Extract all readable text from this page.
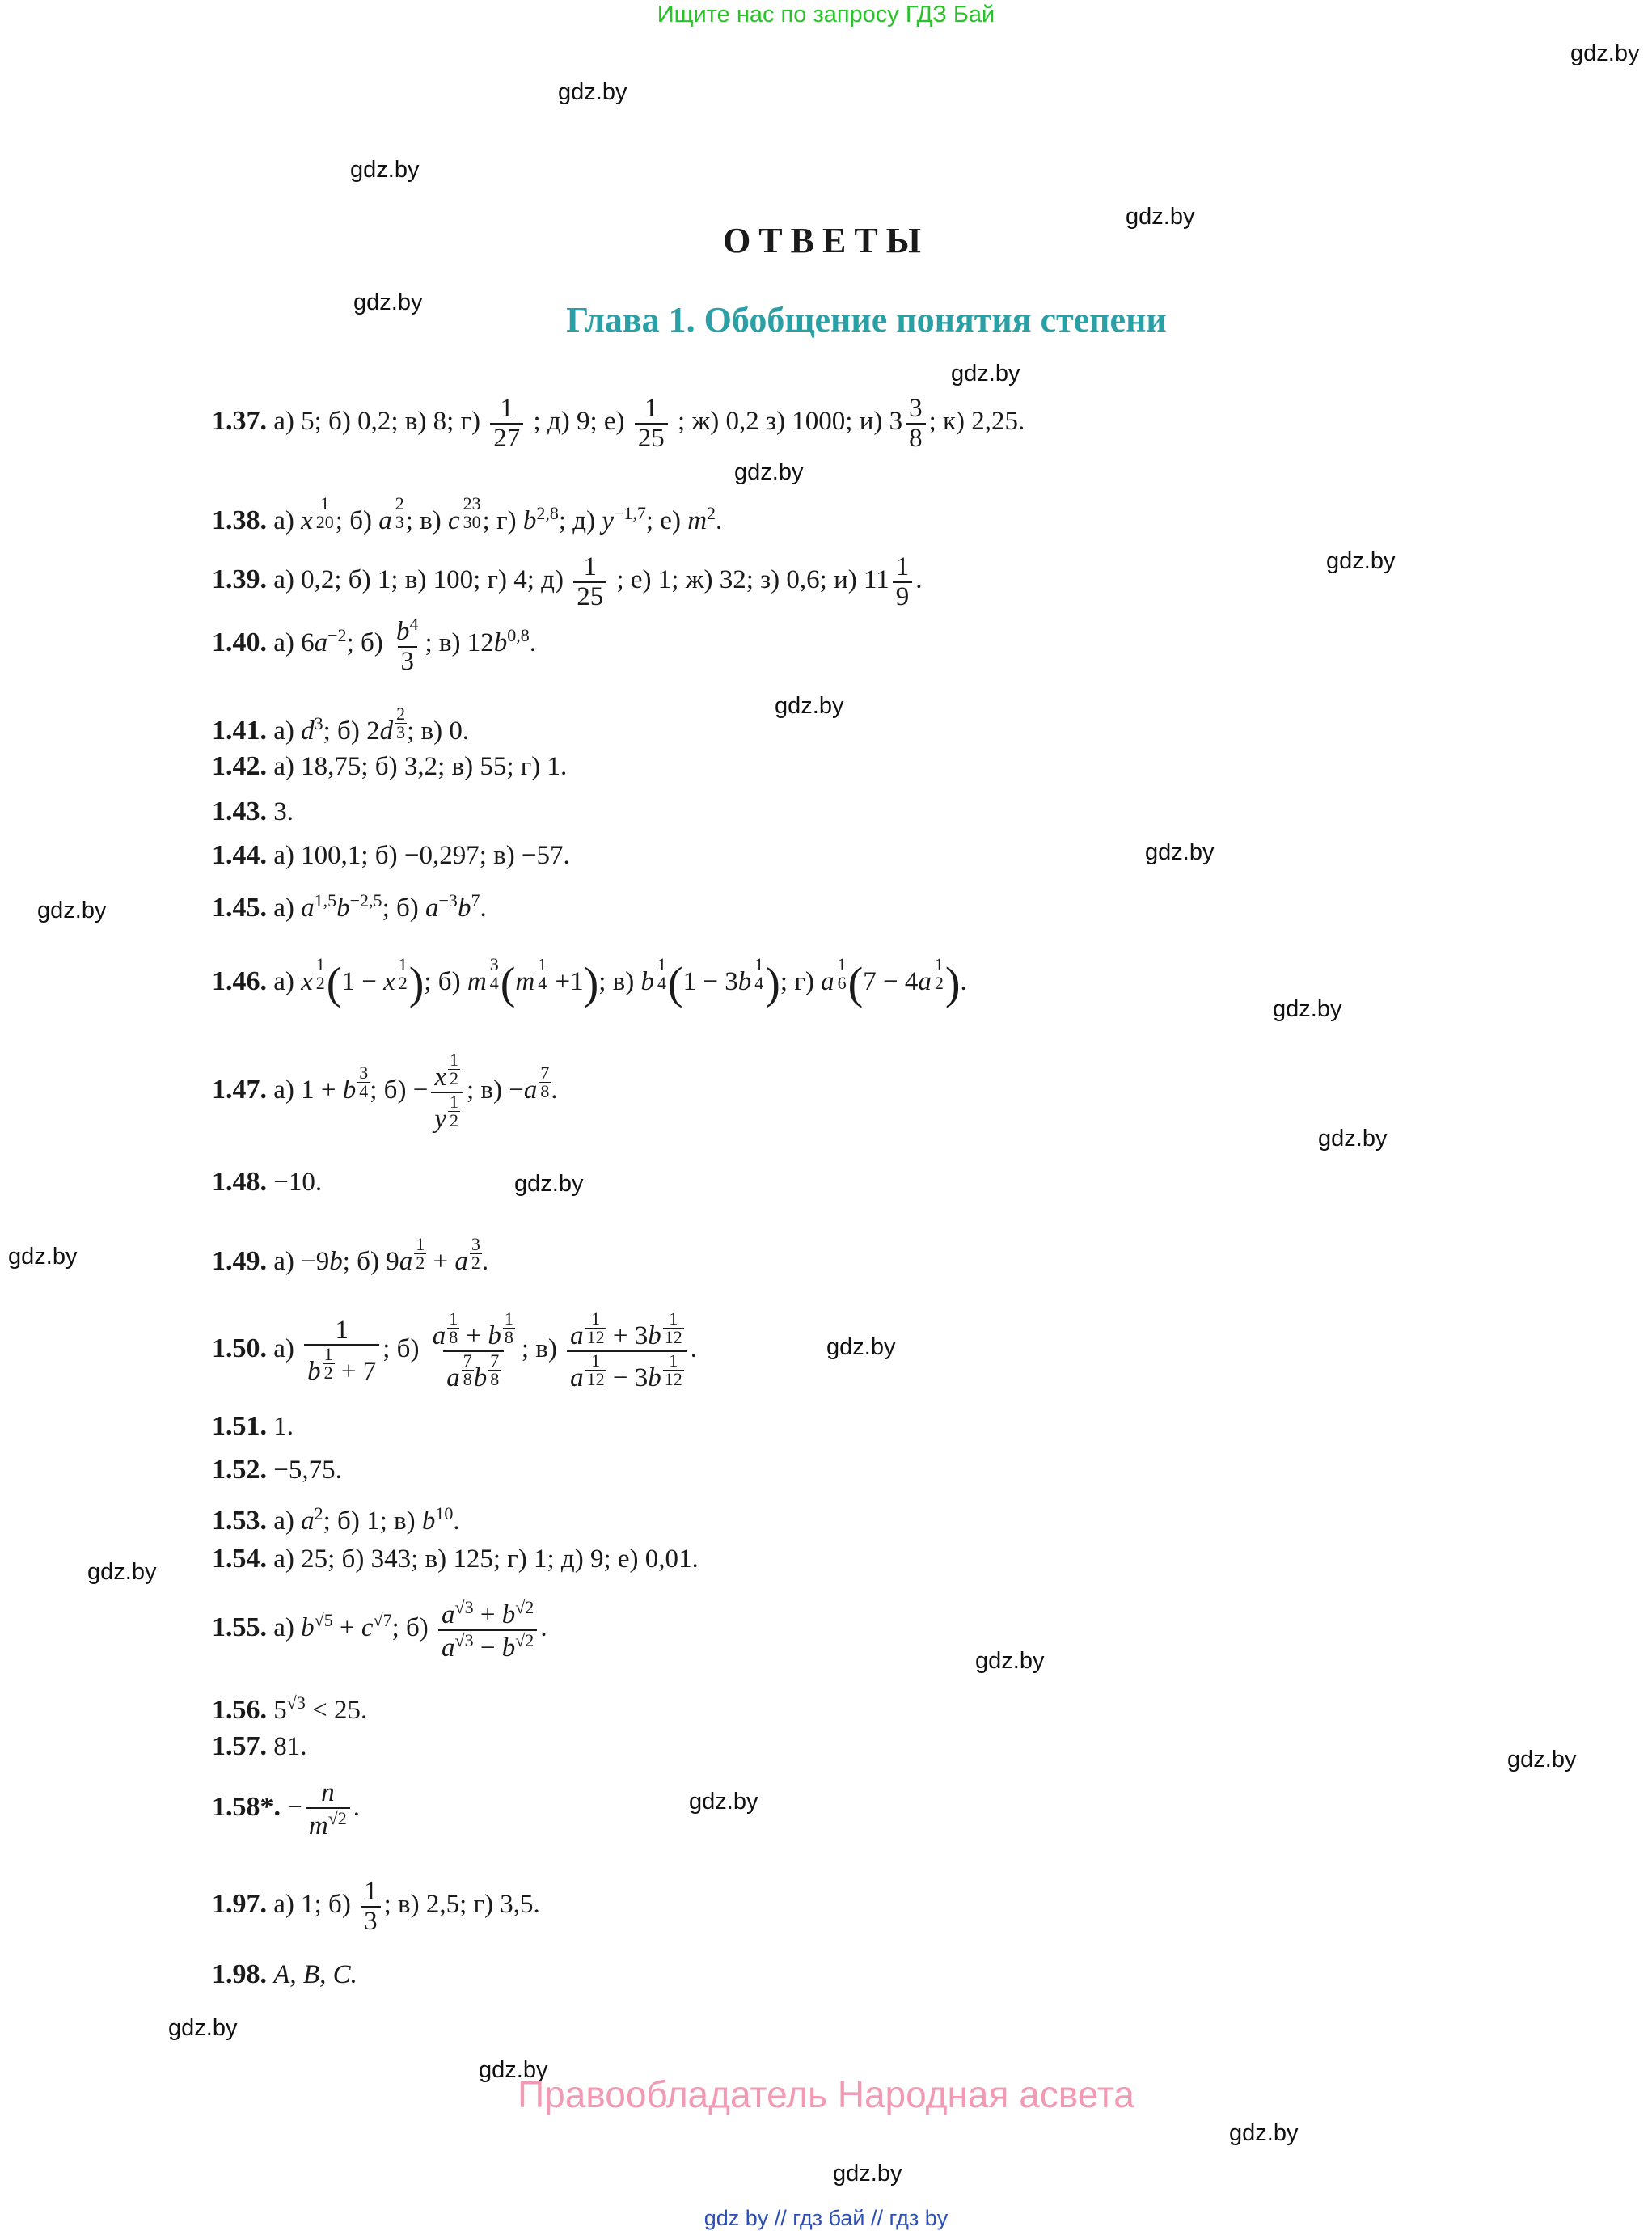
Ищите нас по запросу ГДЗ Бай
gdz.by
gdz.by
gdz.by
gdz.by
gdz.by
gdz.by
gdz.by
gdz.by
gdz.by
gdz.by
gdz.by
gdz.by
gdz.by
gdz.by
gdz.by
gdz.by
gdz.by
gdz.by
gdz.by
gdz.by
gdz.by
gdz.by
gdz.by
gdz.by
ОТВЕТЫ
Глава 1. Обобщение понятия степени
1.37. а) 5; б) 0,2; в) 8; $г) \frac{1}{27}$ ; д) 9; $е) \frac{1}{25}$ ; ж) 0,2 з) 1000; и) $3 \frac{3}{8}$ ; к) 2,25.
1.38. а) x $\frac{1}{20}$ ; б) a $\frac{2}{3}$ ; в) c $\frac{23}{30}$ ; г) $b^{2,8}$; д) $y^{-1,7}$; е) $m^2$.
1.39. а) 0,2; б) 1; в) 100; г) 4; $д) \frac{1}{25}$ ; е) 1; ж) 32; з) 0,6; и) $11 \frac{1}{9}$ .
1.40. а) $6a^{-2}$; $б) \frac{b^4}{3}$ ; в) $12b^{0,8}$.
1.41. а) $d^3$; б) $2d \frac{2}{3}$ ; в) 0.
1.42. а) 18,75; б) 3,2; в) 55; г) 1.
1.43. 3.
1.44. а) 100,1; б) −0,297; в) −57.
1.45. а) $a^{1,5}b^{-2,5}$; б) $a^{-3}b^7$.
1.46. а) x $\frac{1}{2} (1 - x \frac{1}{2}$ ); б) m $\frac{3}{4} (m \frac{1}{4} +1)$; в) b $\frac{1}{4} (1 - 3b \frac{1}{4}$ ); г) a $\frac{1}{6} (7 - 4a \frac{1}{2}$ ).
1.47. а) 1 + b $\frac{3}{4}$ ; $б) - \frac{x \frac{1}{2}}{y \frac{1}{2}}$ ; $в) -a \frac{7}{8}$ .
1.48. −10.
1.49. а) −9b; б) $9a \frac{1}{2} + a \frac{3}{2}$ .
1.50. $а) \frac{1}{b \frac{1}{2} + 7}$ ; $б) \frac{a \frac{1}{8} + b \frac{1}{8}}{a \frac{7}{8} b \frac{7}{8}}$ ; $в) \frac{a \frac{1}{12} + 3b \frac{1}{12}}{a \frac{1}{12} - 3b \frac{1}{12}}$ .
1.51. 1.
1.52. −5,75.
1.53. а) $a^2$; б) 1; в) $b^{10}$.
1.54. а) 25; б) 343; в) 125; г) 1; д) 9; е) 0,01.
1.55. а) $b^{√5} + c^{√7}$; $б) \frac{a^{√3} + b^{√2}}{a^{√3} - b^{√2}}$ .
1.56. $5^{√3} < 25$.
1.57. 81.
1.58*. − $\frac{n}{m^{√2}}$ .
1.97. а) 1; $б) \frac{1}{3}$ ; в) 2,5; г) 3,5.
1.98. A, B, C.
Правообладатель Народная асвета
gdz by // гдз бай // гдз by
